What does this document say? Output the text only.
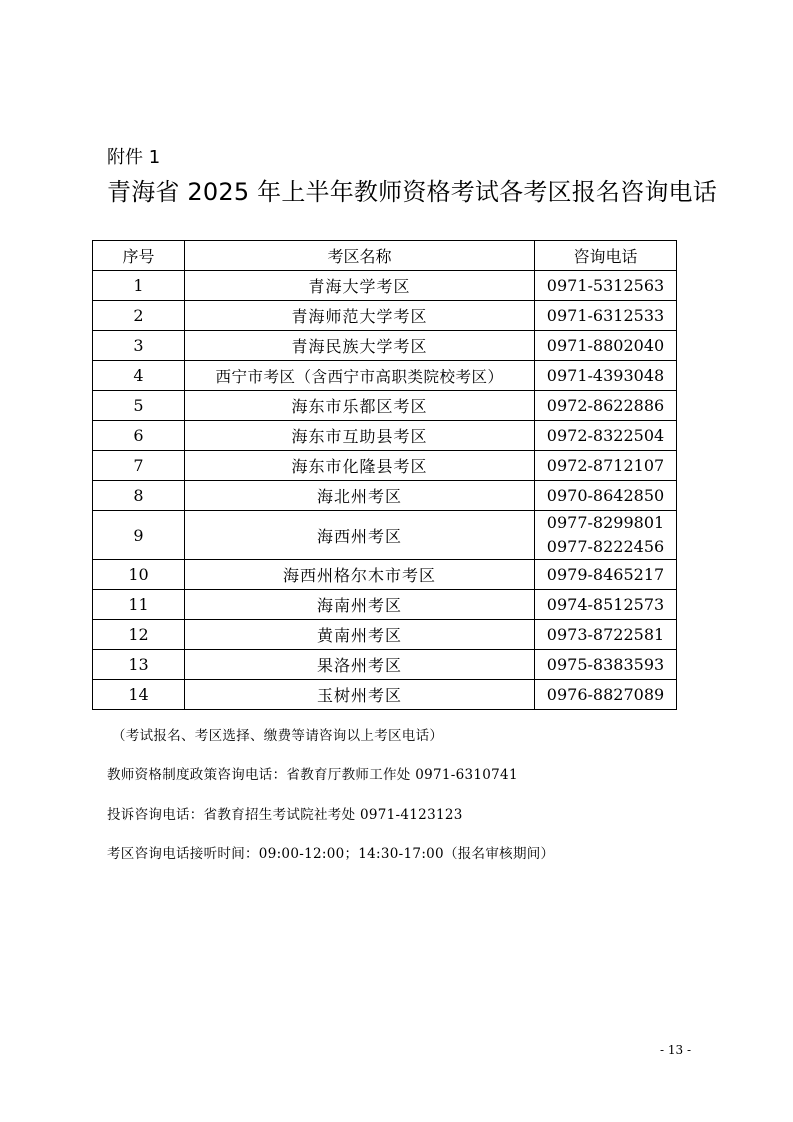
附件 1
青海省 2025 年上半年教师资格考试各考区报名咨询电话
序号	考区名称	咨询电话
1	青海大学考区	0971-5312563
2	青海师范大学考区	0971-6312533
3	青海民族大学考区	0971-8802040
4	西宁市考区（含西宁市高职类院校考区）	0971-4393048
5	海东市乐都区考区	0972-8622886
6	海东市互助县考区	0972-8322504
7	海东市化隆县考区	0972-8712107
8	海北州考区	0970-8642850
9	海西州考区	0977-8299801
0977-8222456

10	海西州格尔木市考区	0979-8465217
11	海南州考区	0974-8512573
12	黄南州考区	0973-8722581
13	果洛州考区	0975-8383593
14	玉树州考区	0976-8827089
（考试报名、考区选择、缴费等请咨询以上考区电话）
教师资格制度政策咨询电话：省教育厅教师工作处 0971-6310741
投诉咨询电话：省教育招生考试院社考处 0971-4123123
考区咨询电话接听时间：09:00-12:00；14:30-17:00（报名审核期间）
- 13 -
